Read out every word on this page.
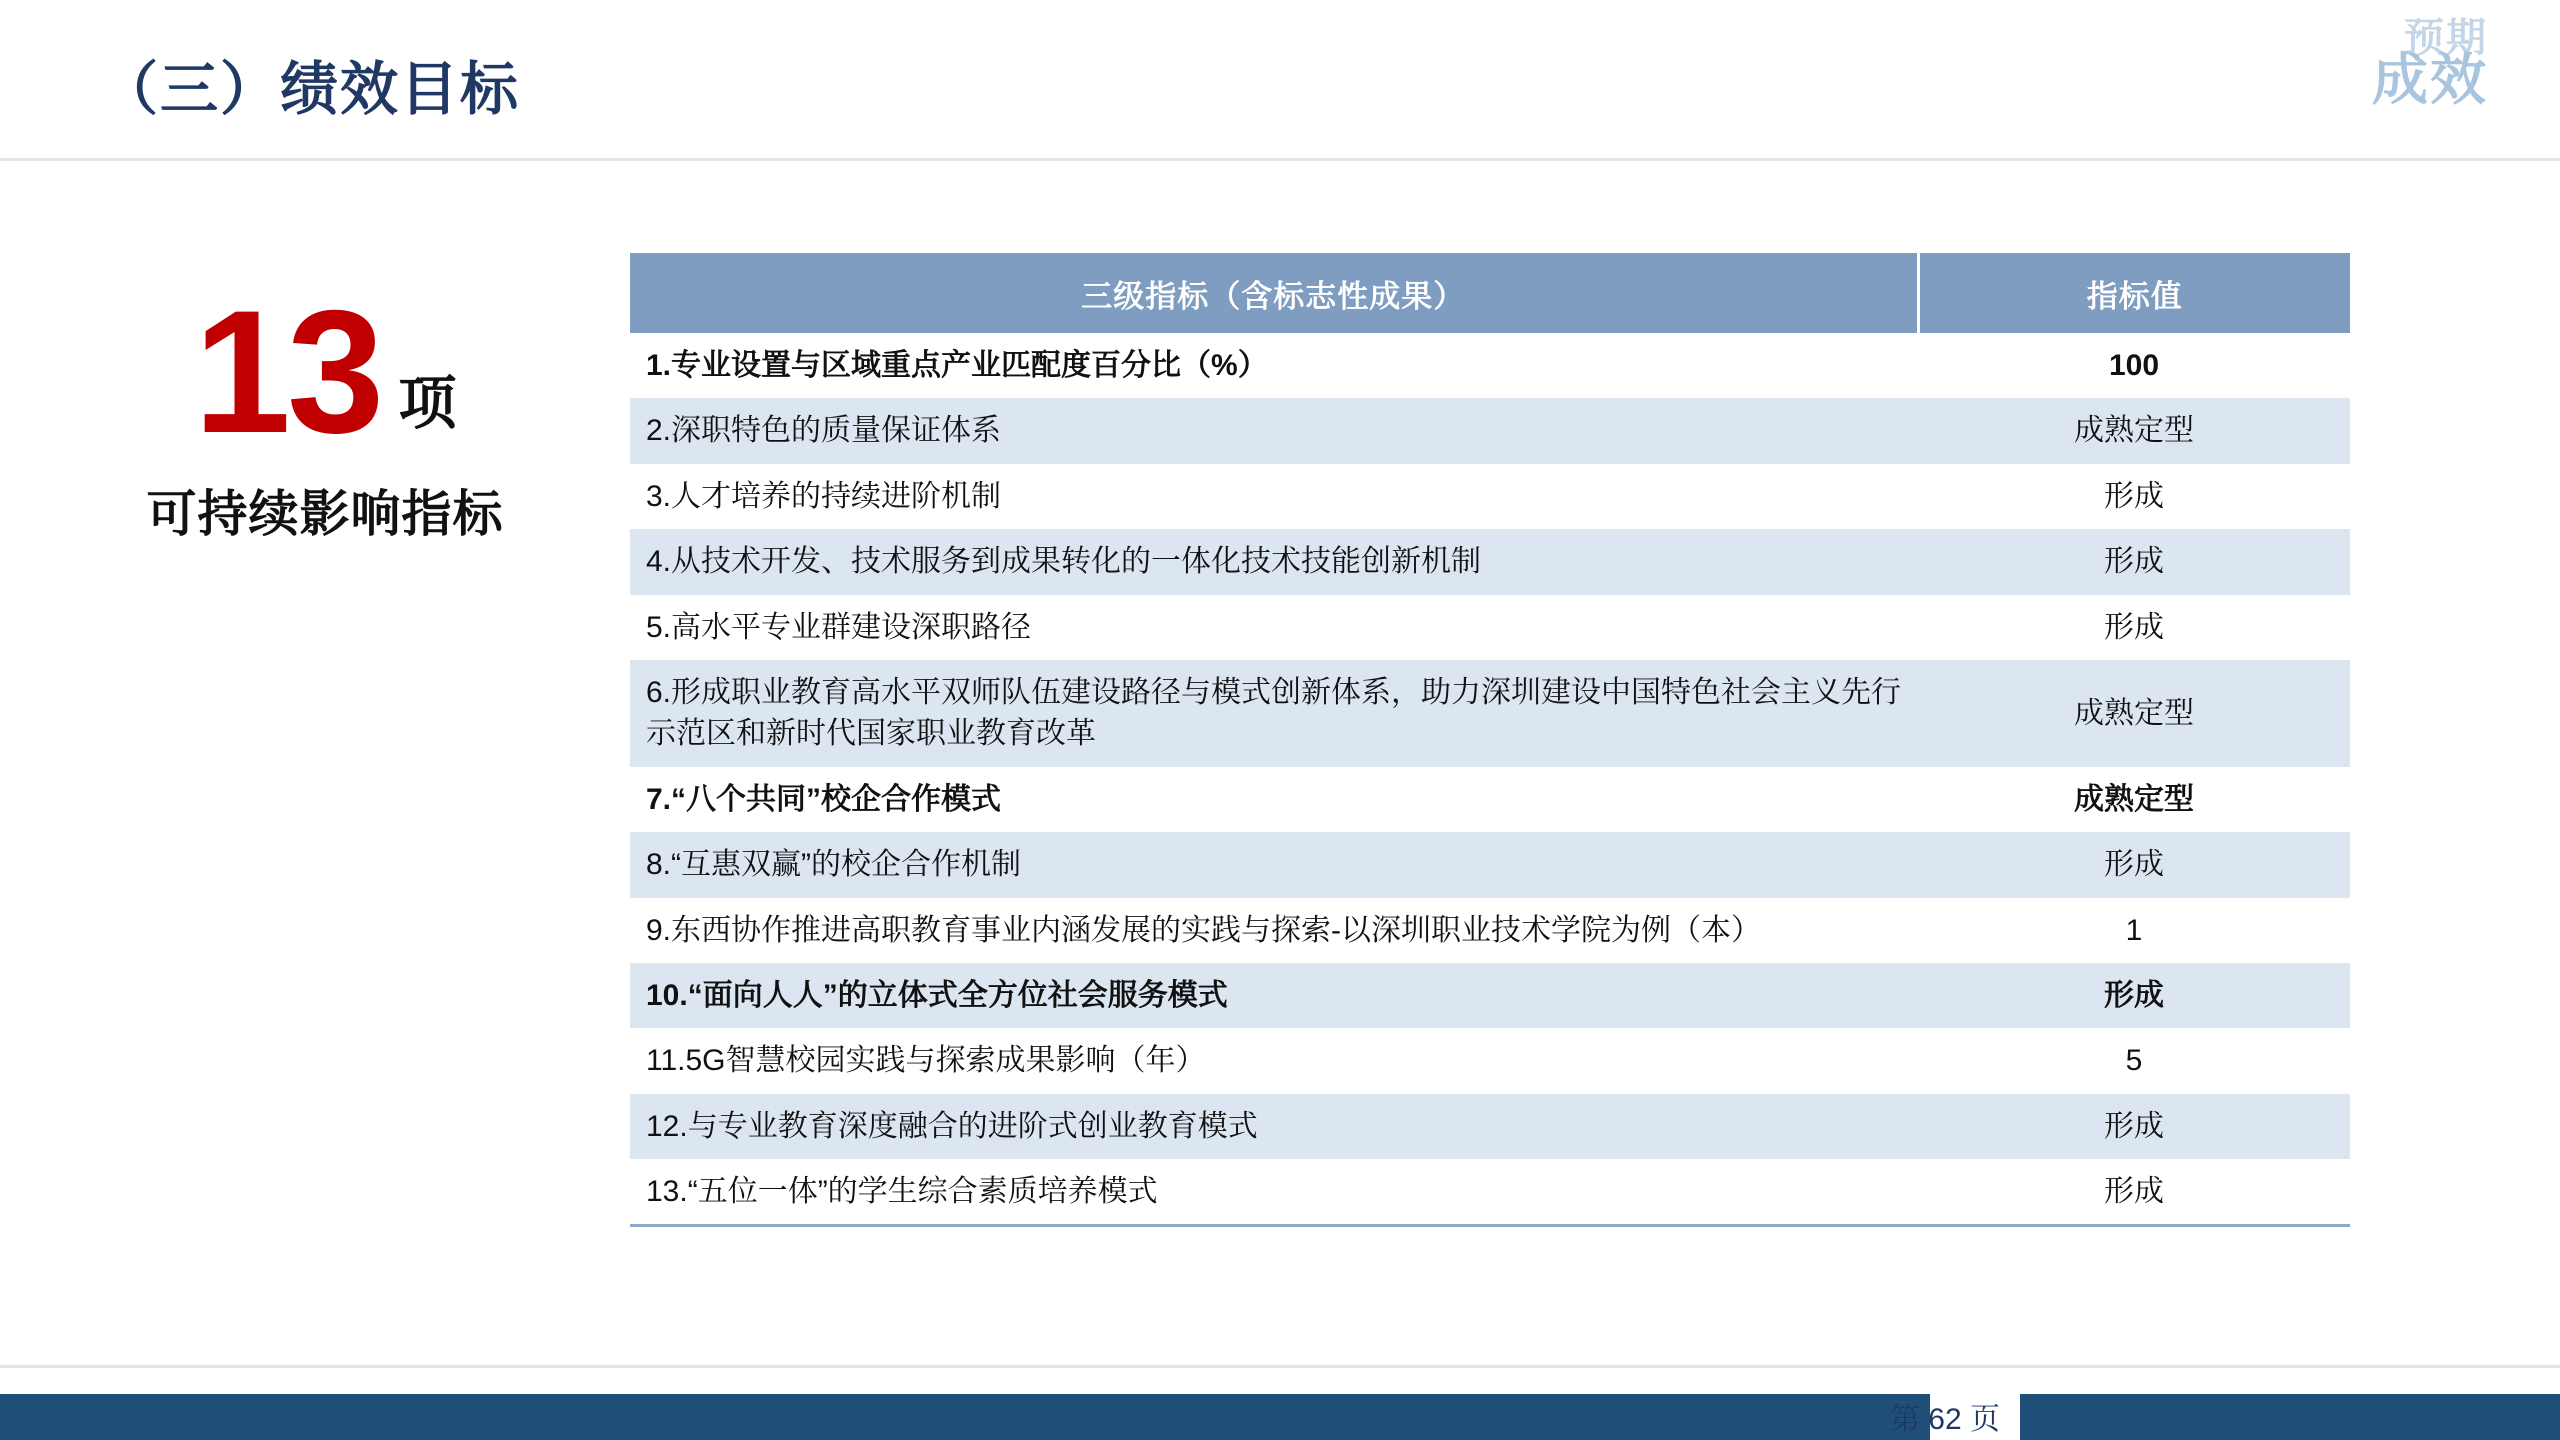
（三）绩效目标
预期
成效
13 项
可持续影响指标
三级指标（含标志性成果）	指标值
1.专业设置与区域重点产业匹配度百分比（%）	100
2.深职特色的质量保证体系	成熟定型
3.人才培养的持续进阶机制	形成
4.从技术开发、技术服务到成果转化的一体化技术技能创新机制	形成
5.高水平专业群建设深职路径	形成
6.形成职业教育高水平双师队伍建设路径与模式创新体系，助力深圳建设中国特色社会主义先行示范区和新时代国家职业教育改革	成熟定型
7.“八个共同”校企合作模式	成熟定型
8.“互惠双赢”的校企合作机制	形成
9.东西协作推进高职教育事业内涵发展的实践与探索-以深圳职业技术学院为例（本）	1
10.“面向人人”的立体式全方位社会服务模式	形成
11.5G智慧校园实践与探索成果影响（年）	5
12.与专业教育深度融合的进阶式创业教育模式	形成
13.“五位一体”的学生综合素质培养模式	形成
第 62 页
